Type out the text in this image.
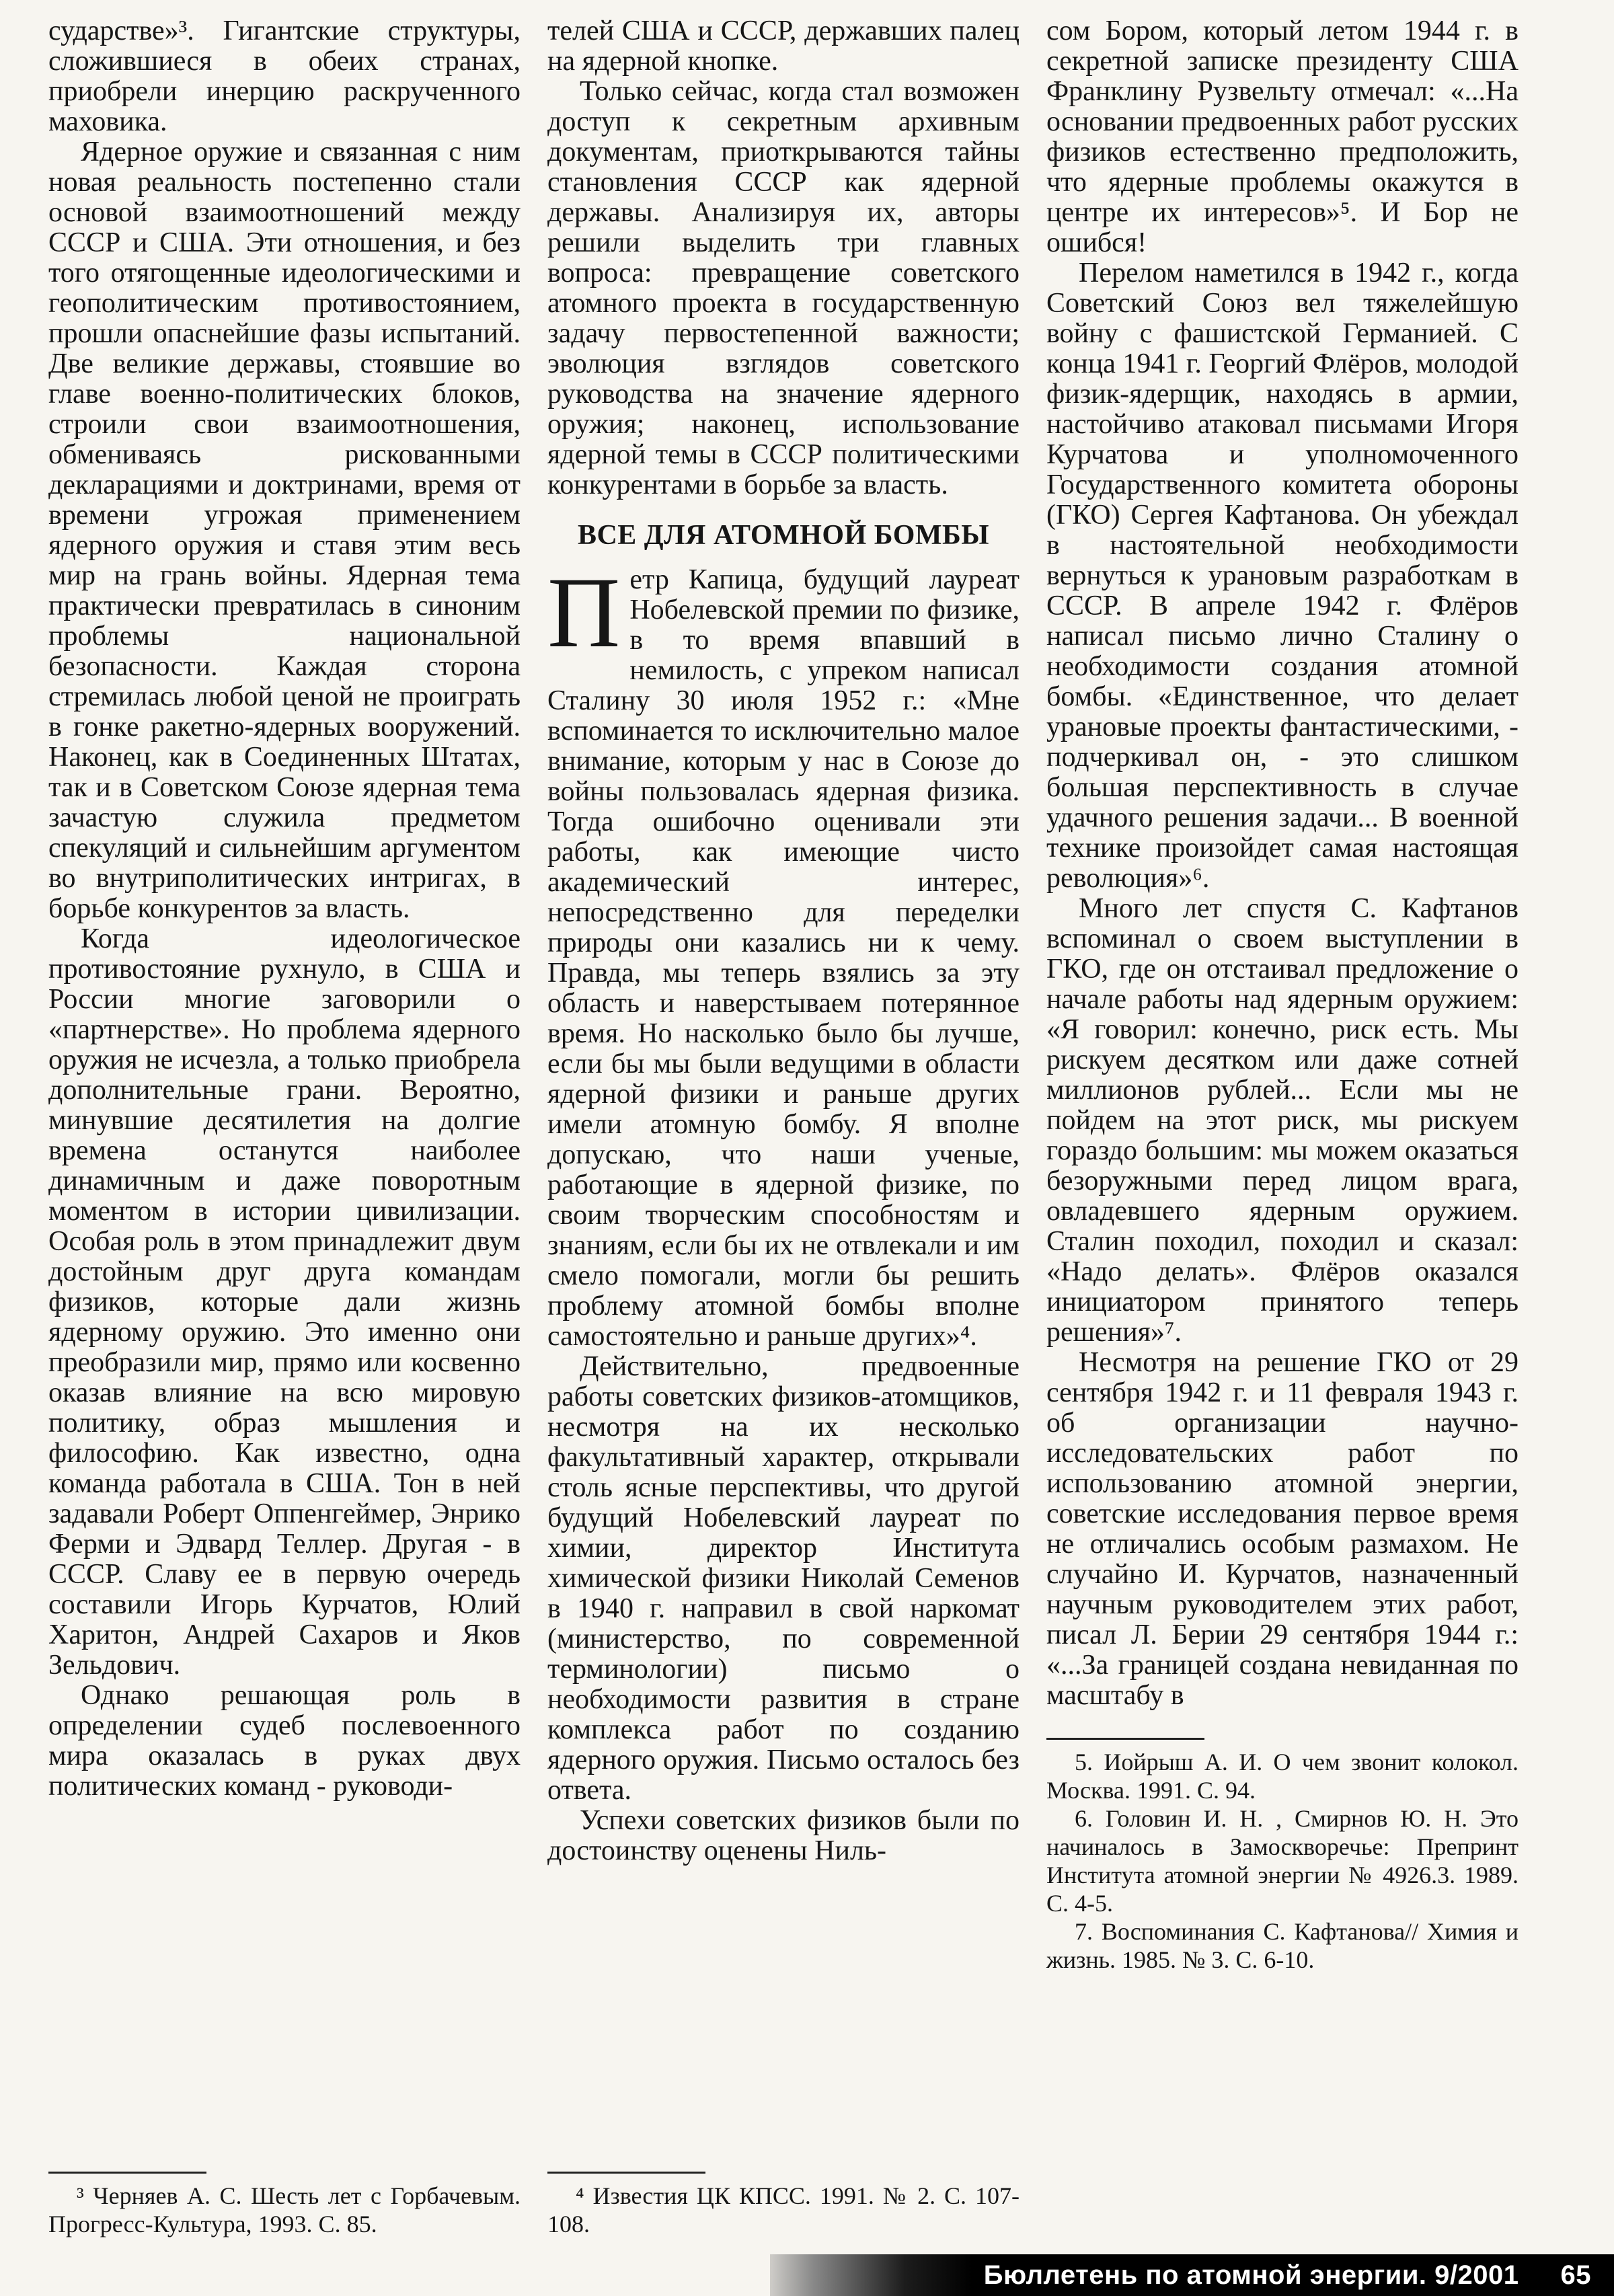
сударстве»³. Гигантские структуры, сложившиеся в обеих странах, приобрели инерцию раскрученного маховика.

Ядерное оружие и связанная с ним новая реальность постепенно стали основой взаимоотношений между СССР и США. Эти отношения, и без того отягощенные идеологическими и геополитическим противостоянием, прошли опаснейшие фазы испытаний. Две великие державы, стоявшие во главе военно-политических блоков, строили свои взаимоотношения, обмениваясь рискованными декларациями и доктринами, время от времени угрожая применением ядерного оружия и ставя этим весь мир на грань войны. Ядерная тема практически превратилась в синоним проблемы национальной безопасности. Каждая сторона стремилась любой ценой не проиграть в гонке ракетно-ядерных вооружений. Наконец, как в Соединенных Штатах, так и в Советском Союзе ядерная тема зачастую служила предметом спекуляций и сильнейшим аргументом во внутриполитических интригах, в борьбе конкурентов за власть.

Когда идеологическое противостояние рухнуло, в США и России многие заговорили о «партнерстве». Но проблема ядерного оружия не исчезла, а только приобрела дополнительные грани. Вероятно, минувшие десятилетия на долгие времена останутся наиболее динамичным и даже поворотным моментом в истории цивилизации. Особая роль в этом принадлежит двум достойным друг друга командам физиков, которые дали жизнь ядерному оружию. Это именно они преобразили мир, прямо или косвенно оказав влияние на всю мировую политику, образ мышления и философию. Как известно, одна команда работала в США. Тон в ней задавали Роберт Оппенгеймер, Энрико Ферми и Эдвард Теллер. Другая - в СССР. Славу ее в первую очередь составили Игорь Курчатов, Юлий Харитон, Андрей Сахаров и Яков Зельдович.

Однако решающая роль в определении судеб послевоенного мира оказалась в руках двух политических команд - руководи-

³ Черняев А. С. Шесть лет с Горбачевым. Прогресс-Культура, 1993. С. 85.

телей США и СССР, державших палец на ядерной кнопке.

Только сейчас, когда стал возможен доступ к секретным архивным документам, приоткрываются тайны становления СССР как ядерной державы. Анализируя их, авторы решили выделить три главных вопроса: превращение советского атомного проекта в государственную задачу первостепенной важности; эволюция взглядов советского руководства на значение ядерного оружия; наконец, использование ядерной темы в СССР политическими конкурентами в борьбе за власть.

ВСЕ ДЛЯ АТОМНОЙ БОМБЫ

Петр Капица, будущий лауреат Нобелевской премии по физике, в то время впавший в немилость, с упреком написал Сталину 30 июля 1952 г.: «Мне вспоминается то исключительно малое внимание, которым у нас в Союзе до войны пользовалась ядерная физика. Тогда ошибочно оценивали эти работы, как имеющие чисто академический интерес, непосредственно для переделки природы они казались ни к чему. Правда, мы теперь взялись за эту область и наверстываем потерянное время. Но насколько было бы лучше, если бы мы были ведущими в области ядерной физики и раньше других имели атомную бомбу. Я вполне допускаю, что наши ученые, работающие в ядерной физике, по своим творческим способностям и знаниям, если бы их не отвлекали и им смело помогали, могли бы решить проблему атомной бомбы вполне самостоятельно и раньше других»⁴.

Действительно, предвоенные работы советских физиков-атомщиков, несмотря на их несколько факультативный характер, открывали столь ясные перспективы, что другой будущий Нобелевский лауреат по химии, директор Института химической физики Николай Семенов в 1940 г. направил в свой наркомат (министерство, по современной терминологии) письмо о необходимости развития в стране комплекса работ по созданию ядерного оружия. Письмо осталось без ответа.

Успехи советских физиков были по достоинству оценены Ниль-

⁴ Известия ЦК КПСС. 1991. № 2. С. 107-108.

сом Бором, который летом 1944 г. в секретной записке президенту США Франклину Рузвельту отмечал: «...На основании предвоенных работ русских физиков естественно предположить, что ядерные проблемы окажутся в центре их интересов»⁵. И Бор не ошибся!

Перелом наметился в 1942 г., когда Советский Союз вел тяжелейшую войну с фашистской Германией. С конца 1941 г. Георгий Флёров, молодой физик-ядерщик, находясь в армии, настойчиво атаковал письмами Игоря Курчатова и уполномоченного Государственного комитета обороны (ГКО) Сергея Кафтанова. Он убеждал в настоятельной необходимости вернуться к урановым разработкам в СССР. В апреле 1942 г. Флёров написал письмо лично Сталину о необходимости создания атомной бомбы. «Единственное, что делает урановые проекты фантастическими, - подчеркивал он, - это слишком большая перспективность в случае удачного решения задачи... В военной технике произойдет самая настоящая революция»⁶.

Много лет спустя С. Кафтанов вспоминал о своем выступлении в ГКО, где он отстаивал предложение о начале работы над ядерным оружием: «Я говорил: конечно, риск есть. Мы рискуем десятком или даже сотней миллионов рублей... Если мы не пойдем на этот риск, мы рискуем гораздо большим: мы можем оказаться безоружными перед лицом врага, овладевшего ядерным оружием. Сталин походил, походил и сказал: «Надо делать». Флёров оказался инициатором принятого теперь решения»⁷.

Несмотря на решение ГКО от 29 сентября 1942 г. и 11 февраля 1943 г. об организации научно-исследовательских работ по использованию атомной энергии, советские исследования первое время не отличались особым размахом. Не случайно И. Курчатов, назначенный научным руководителем этих работ, писал Л. Берии 29 сентября 1944 г.: «...За границей создана невиданная по масштабу в

5. Иойрыш А. И. О чем звонит колокол. Москва. 1991. С. 94.

6. Головин И. Н. , Смирнов Ю. Н. Это начиналось в Замоскворечье: Препринт Института атомной энергии № 4926.3. 1989. С. 4-5.

7. Воспоминания С. Кафтанова// Химия и жизнь. 1985. № 3. С. 6-10.

Бюллетень по атомной энергии. 9/2001 65
